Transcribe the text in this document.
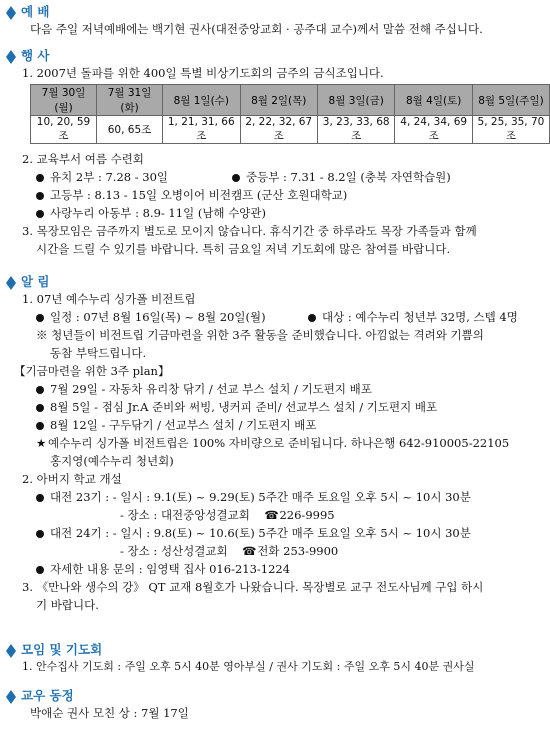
예 배
다음 주일 저녁예배에는 백기현 권사(대전중앙교회 · 공주대 교수)께서 말씀 전해 주십니다.
행 사
1. 2007년 돌파를 위한 400일 특별 비상기도회의 금주의 금식조입니다.
7월 30일(월)	7월 31일(화)	8월 1일(수)	8월 2일(목)	8월 3일(금)	8월 4일(토)	8월 5일(주일)
10, 20, 59조	60, 65조	1, 21, 31, 66조	2, 22, 32, 67조	3, 23, 33, 68조	4, 24, 34, 69조	5, 25, 35, 70조
2. 교육부서 여름 수련회
유치 2부 : 7.28 - 30일	중등부 : 7.31 - 8.2일 (충북 자연학습원)
고등부 : 8.13 - 15일 오병이어 비전캠프 (군산 호원대학교)
사랑누리 아동부 : 8.9- 11일 (남해 수양관)
3. 목장모임은 금주까지 별도로 모이지 않습니다. 휴식기간 중 하루라도 목장 가족들과 함께
시간을 드릴 수 있기를 바랍니다. 특히 금요일 저녁 기도회에 많은 참여를 바랍니다.
알 림
1. 07년 예수누리 싱가폴 비전트립
일정 : 07년 8월 16일(목) ~ 8월 20일(월)	대상 : 예수누리 청년부 32명, 스텝 4명
※ 청년들이 비전트립 기금마련을 위한 3주 활동을 준비했습니다. 아낌없는 격려와 기쁨의
동참 부탁드립니다.
【기금마련을 위한 3주 plan】
7월 29일 - 자동차 유리창 닦기 / 선교 부스 설치 / 기도편지 배포
8월 5일 - 점심 Jr.A 준비와 써빙, 냉커피 준비/ 선교부스 설치 / 기도편지 배포
8월 12일 - 구두닦기 / 선교부스 설치 / 기도편지 배포
★ 예수누리 싱가폴 비전트립은 100% 자비량으로 준비됩니다. 하나은행 642-910005-22105
홍지영(예수누리 청년회)
2. 아버지 학교 개설
대전 23기 : - 일시 : 9.1(토) ~ 9.29(토) 5주간 매주 토요일 오후 5시 ~ 10시 30분
- 장소 : 대전중앙성결교회 ☎226-9995
대전 24기 : - 일시 : 9.8(토) ~ 10.6(토) 5주간 매주 토요일 오후 5시 ~ 10시 30분
- 장소 : 성산성결교회 ☎전화 253-9900
자세한 내용 문의 : 임영택 집사 016-213-1224
3. 《만나와 생수의 강》 QT 교재 8월호가 나왔습니다. 목장별로 교구 전도사님께 구입 하시
기 바랍니다.
모임 및 기도회
1. 안수집사 기도회 : 주일 오후 5시 40분 영아부실 / 권사 기도회 : 주일 오후 5시 40분 권사실
교우 동정
박애순 권사 모친 상 : 7월 17일
